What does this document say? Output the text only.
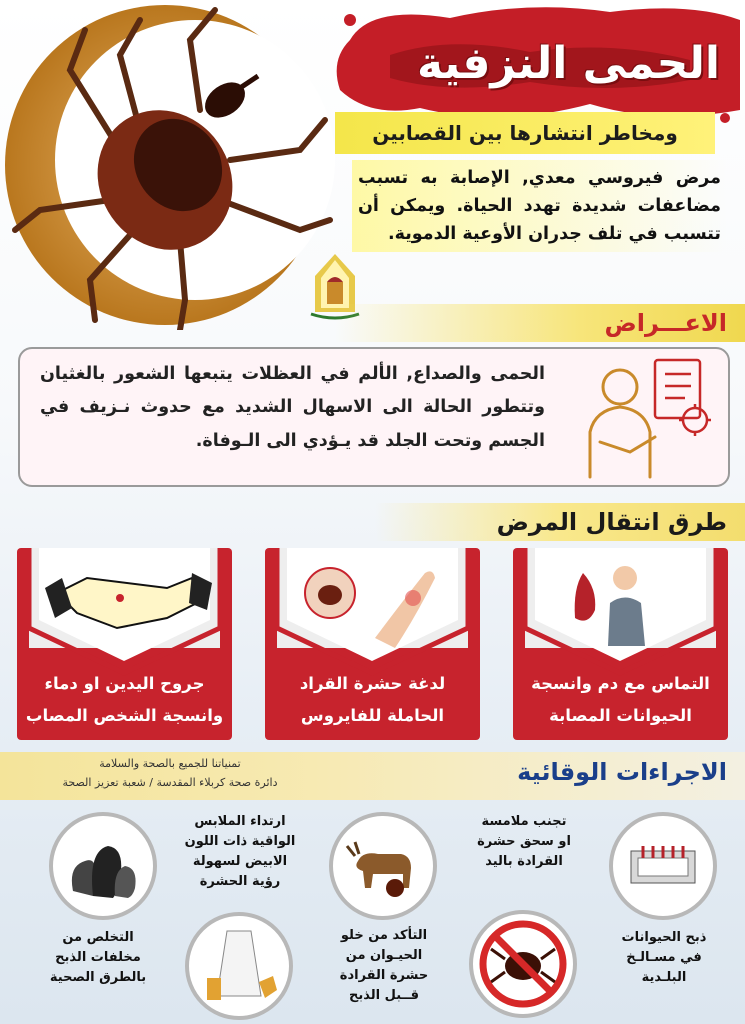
الحمى النزفية
ومخاطر انتشارها بين القصابين
مرض فيروسي معدي, الإصابة به تسبب مضاعفات شديدة تهدد الحياة. ويمكن أن تتسبب في تلف جدران الأوعية الدموية.
الاعـــراض
الحمى والصداع, الألم في العظلات يتبعها الشعور بالغثيان وتتطور الحالة الى الاسهال الشديد مع حدوث نـزيف في الجسم وتحت الجلد قد يـؤدي الى الـوفاة.
طرق انتقال المرض
التماس مع دم وانسجة
الحيوانات المصابة
لدغة حشرة القراد
الحاملة للفايروس
جروح اليدين او دماء
وانسجة الشخص المصاب
الاجراءات الوقائية
تمنياتنا للجميع بالصحة والسلامة
دائرة صحة كربلاء المقدسة / شعبة تعزيز الصحة
ذبح الحيوانات
في مسـالـخ
البلـدية
تجنب ملامسة
او سحق حشرة
القرادة باليد
التأكد من خلو
الحيـوان من
حشرة القرادة
قــبل الذبح
ارتداء الملابس
الواقية ذات اللون
الابيض لسهولة
رؤية الحشرة
التخلص من
مخلفات الذبح
بالطرق الصحية
